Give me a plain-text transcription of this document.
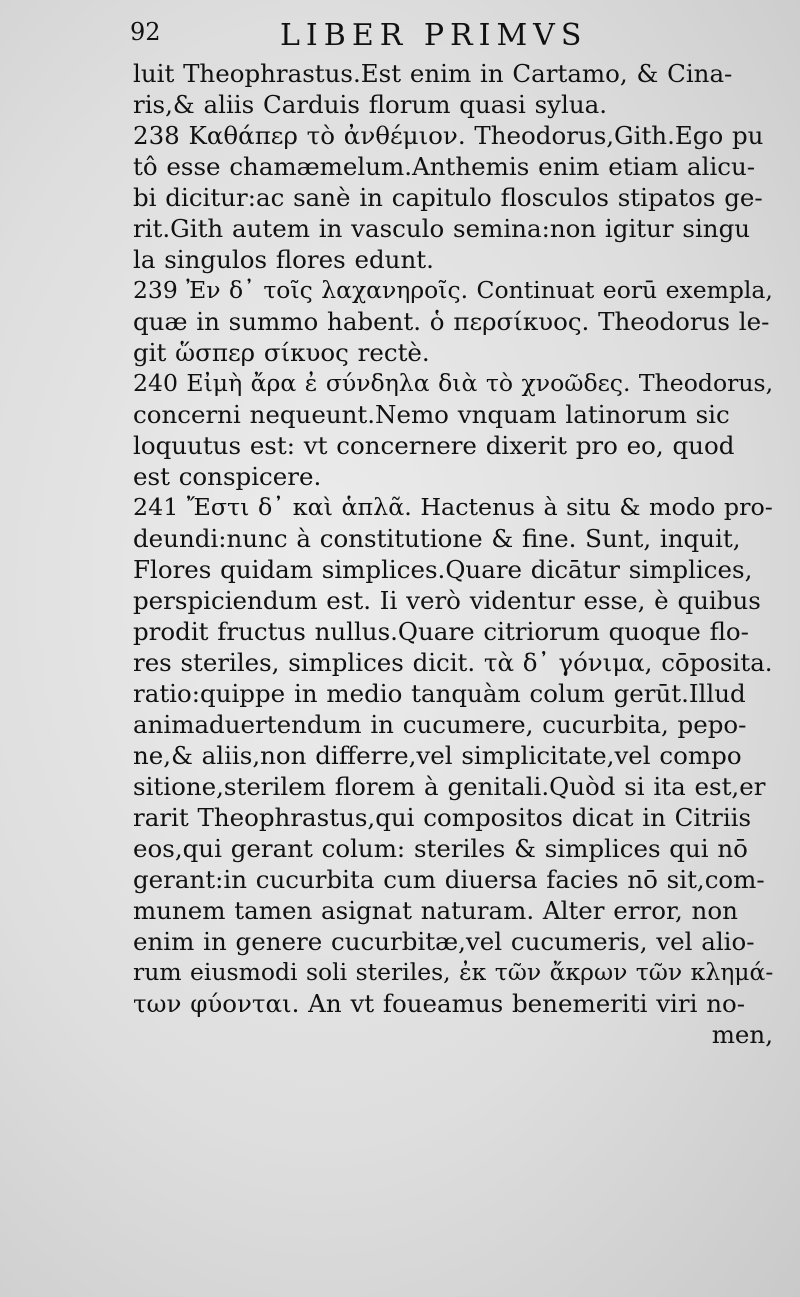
92	LIBER PRIMVS
luit Theophrastus.Est enim in Cartamo, & Cina-
ris,& aliis Carduis florum quasi sylua.
238 Καθάπερ τὸ ἀνθέμιον. Theodorus,Gith.Ego pu
tô esse chamæmelum.Anthemis enim etiam alicu-
bi dicitur:ac sanè in capitulo flosculos stipatos ge-
rit.Gith autem in vasculo semina:non igitur singu
la singulos flores edunt.
239 Ἐν δ᾽ τοῖς λαχανηροῖς. Continuat eorū exempla,
quæ in summo habent. ὁ περσίκυος. Theodorus le-
git ὥσπερ σίκυος rectè.
240 Εἰμὴ ἄρα ἐ σύνδηλα διὰ τὸ χνοῶδες. Theodorus,
concerni nequeunt.Nemo vnquam latinorum sic
loquutus est: vt concernere dixerit pro eo, quod
est conspicere.
241 Ἔστι δ᾽ καὶ ἁπλᾶ. Hactenus à situ & modo pro-
deundi:nunc à constitutione & fine. Sunt, inquit,
Flores quidam simplices.Quare dicātur simplices,
perspiciendum est. Ii verò videntur esse, è quibus
prodit fructus nullus.Quare citriorum quoque flo-
res steriles, simplices dicit. τὰ δ᾽ γόνιμα, cōposita.
ratio:quippe in medio tanquàm colum gerūt.Illud
animaduertendum in cucumere, cucurbita, pepo-
ne,& aliis,non differre,vel simplicitate,vel compo
sitione,sterilem florem à genitali.Quòd si ita est,er
rarit Theophrastus,qui compositos dicat in Citriis
eos,qui gerant colum: steriles & simplices qui nō
gerant:in cucurbita cum diuersa facies nō sit,com-
munem tamen asignat naturam. Alter error, non
enim in genere cucurbitæ,vel cucumeris, vel alio-
rum eiusmodi soli steriles, ἐκ τῶν ἄκρων τῶν κλημά-
των φύονται. An vt foueamus benemeriti viri no-
men,
